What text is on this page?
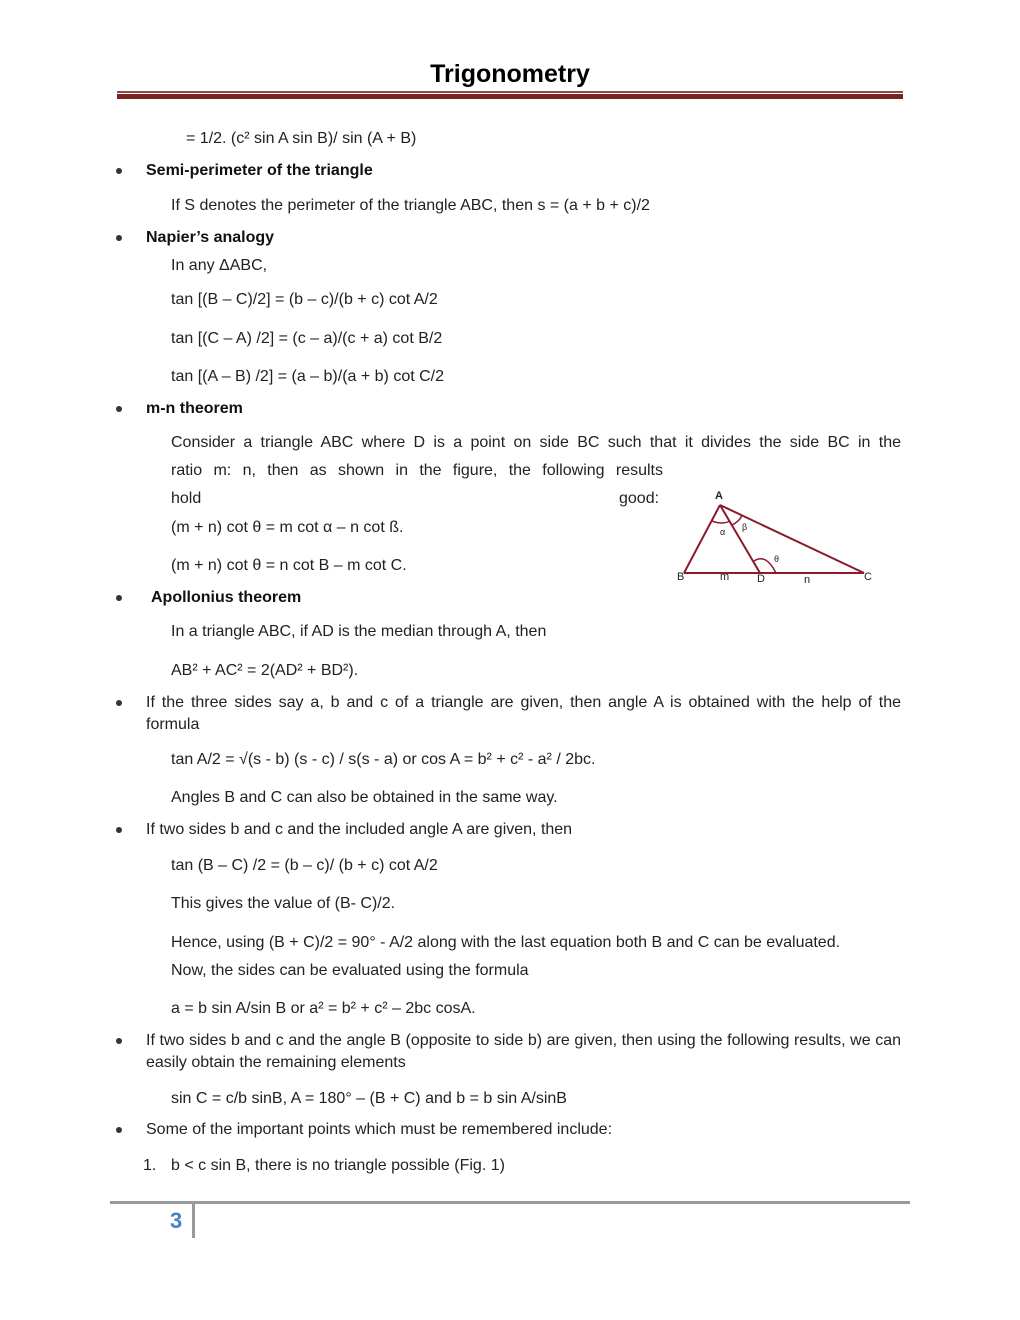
Trigonometry
= 1/2. (c² sin A sin B)/ sin (A + B)
Semi-perimeter of the triangle
If S denotes the perimeter of the triangle ABC, then s = (a + b + c)/2
Napier’s analogy
In any ΔABC,
tan [(B – C)/2] = (b – c)/(b + c) cot A/2
tan [(C – A) /2] = (c – a)/(c + a) cot B/2
tan [(A – B) /2] = (a – b)/(a + b) cot C/2
m-n theorem
Consider a triangle ABC where D is a point on side BC such that it divides the side BC in the
ratio m: n, then as shown in the figure, the following results
hold	good:
(m + n) cot θ = m cot α – n cot ß.
(m + n) cot θ = n cot B – m cot C.
A
B	C
D
m	n
α β
θ
Apollonius theorem
In a triangle ABC, if AD is the median through A, then
AB² + AC² = 2(AD² + BD²).
If the three sides say a, b and c of a triangle are given, then angle A is obtained with the help of the formula
tan A/2 = √(s - b) (s - c) / s(s - a) or cos A = b² + c² - a² / 2bc.
Angles B and C can also be obtained in the same way.
If two sides b and c and the included angle A are given, then
tan (B – C) /2 = (b – c)/ (b + c) cot A/2
This gives the value of (B- C)/2.
Hence, using (B + C)/2 = 90° - A/2 along with the last equation both B and C can be evaluated.
Now, the sides can be evaluated using the formula
a = b sin A/sin B or a² = b² + c² – 2bc cosA.
If two sides b and c and the angle B (opposite to side b) are given, then using the following results, we can easily obtain the remaining elements
sin C = c/b sinB, A = 180° – (B + C) and b = b sin A/sinB
Some of the important points which must be remembered include:
1. b < c sin B, there is no triangle possible (Fig. 1)
3
